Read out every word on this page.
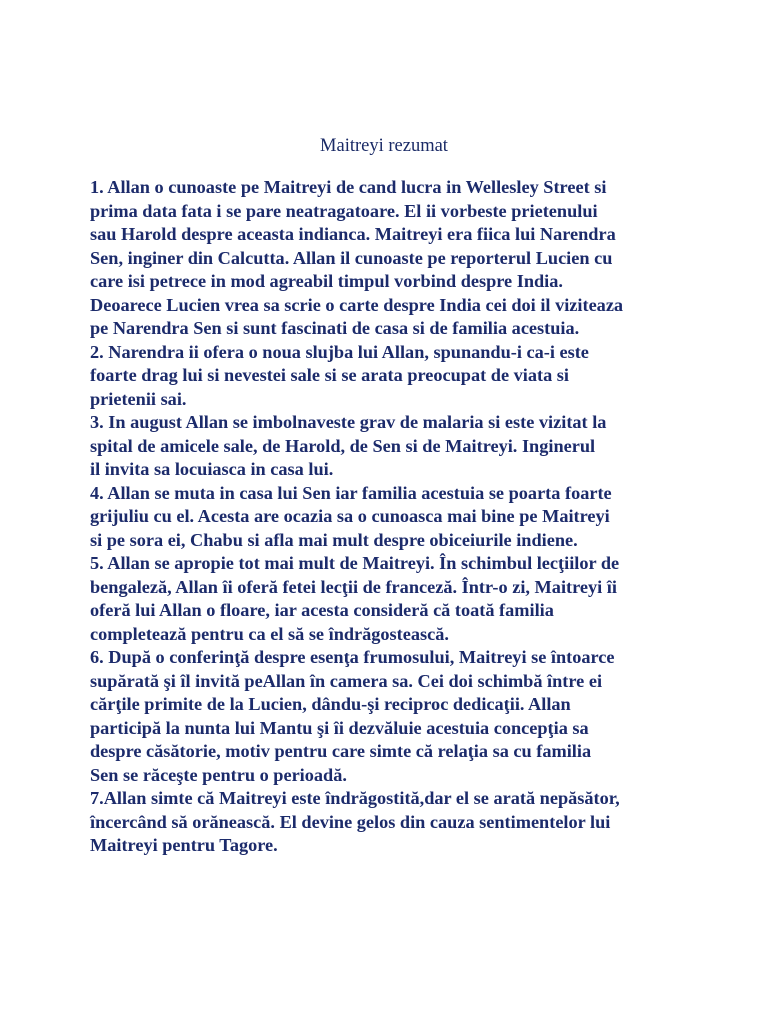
Maitreyi rezumat
1. Allan o cunoaste pe Maitreyi de cand lucra in Wellesley Street si
prima data fata i se pare neatragatoare. El ii vorbeste prietenului
sau Harold despre aceasta indianca. Maitreyi era fiica lui Narendra
Sen, inginer din Calcutta. Allan il cunoaste pe reporterul Lucien cu
care isi petrece in mod agreabil timpul vorbind despre India.
Deoarece Lucien vrea sa scrie o carte despre India cei doi il viziteaza
pe Narendra Sen si sunt fascinati de casa si de familia acestuia.
2. Narendra ii ofera o noua slujba lui Allan, spunandu-i ca-i este
foarte drag lui si nevestei sale si se arata preocupat de viata si
prietenii sai.
3. In august Allan se imbolnaveste grav de malaria si este vizitat la
spital de amicele sale, de Harold, de Sen si de Maitreyi. Inginerul
il invita sa locuiasca in casa lui.
4. Allan se muta in casa lui Sen iar familia acestuia se poarta foarte
grijuliu cu el. Acesta are ocazia sa o cunoasca mai bine pe Maitreyi
si pe sora ei, Chabu si afla mai mult despre obiceiurile indiene.
5. Allan se apropie tot mai mult de Maitreyi. În schimbul lecţiilor de
bengaleză, Allan îi oferă fetei lecţii de franceză. Într-o zi, Maitreyi îi
oferă lui Allan o floare, iar acesta consideră că toată familia
completează pentru ca el să se îndrăgostească.
6. După o conferinţă despre esenţa frumosului, Maitreyi se întoarce
supărată şi îl invită peAllan în camera sa. Cei doi schimbă între ei
cărţile primite de la Lucien, dându-şi reciproc dedicaţii. Allan
participă la nunta lui Mantu şi îi dezvăluie acestuia concepţia sa
despre căsătorie, motiv pentru care simte că relaţia sa cu familia
Sen se răceşte pentru o perioadă.
7.Allan simte că Maitreyi este îndrăgostită,dar el se arată nepăsător,
încercând să orănească. El devine gelos din cauza sentimentelor lui
Maitreyi pentru Tagore.
